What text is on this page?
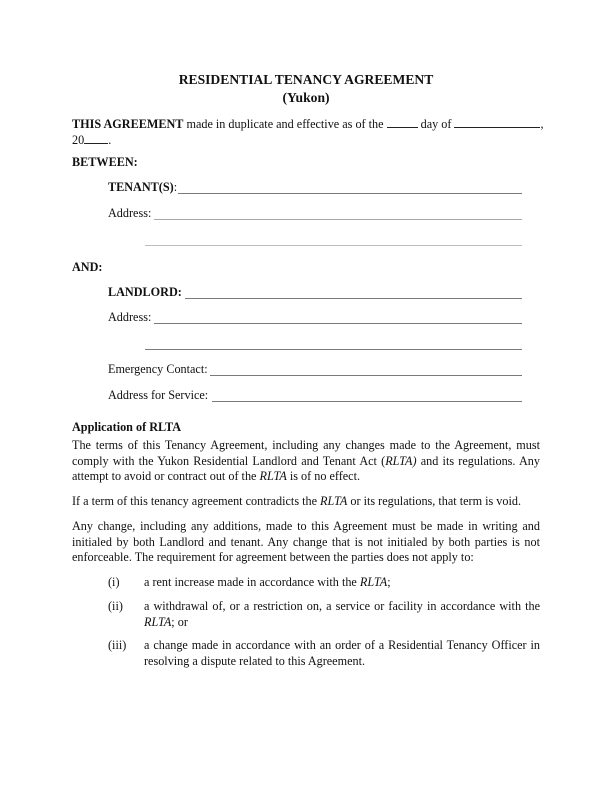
RESIDENTIAL TENANCY AGREEMENT
(Yukon)
THIS AGREEMENT made in duplicate and effective as of the	day of	,
20 .
BETWEEN:
TENANT(S):
Address:
AND:
LANDLORD:
Address:
Emergency Contact:
Address for Service:
Application of RLTA
The terms of this Tenancy Agreement, including any changes made to the Agreement, must
comply with the Yukon Residential Landlord and Tenant Act (RLTA) and its regulations. Any
attempt to avoid or contract out of the RLTA is of no effect.
If a term of this tenancy agreement contradicts the RLTA or its regulations, that term is void.
Any change, including any additions, made to this Agreement must be made in writing and
initialed by both Landlord and tenant. Any change that is not initialed by both parties is not
enforceable. The requirement for agreement between the parties does not apply to:
(i) a rent increase made in accordance with the RLTA;
(ii) a withdrawal of, or a restriction on, a service or facility in accordance with the
RLTA; or
(iii) a change made in accordance with an order of a Residential Tenancy Officer in
resolving a dispute related to this Agreement.
